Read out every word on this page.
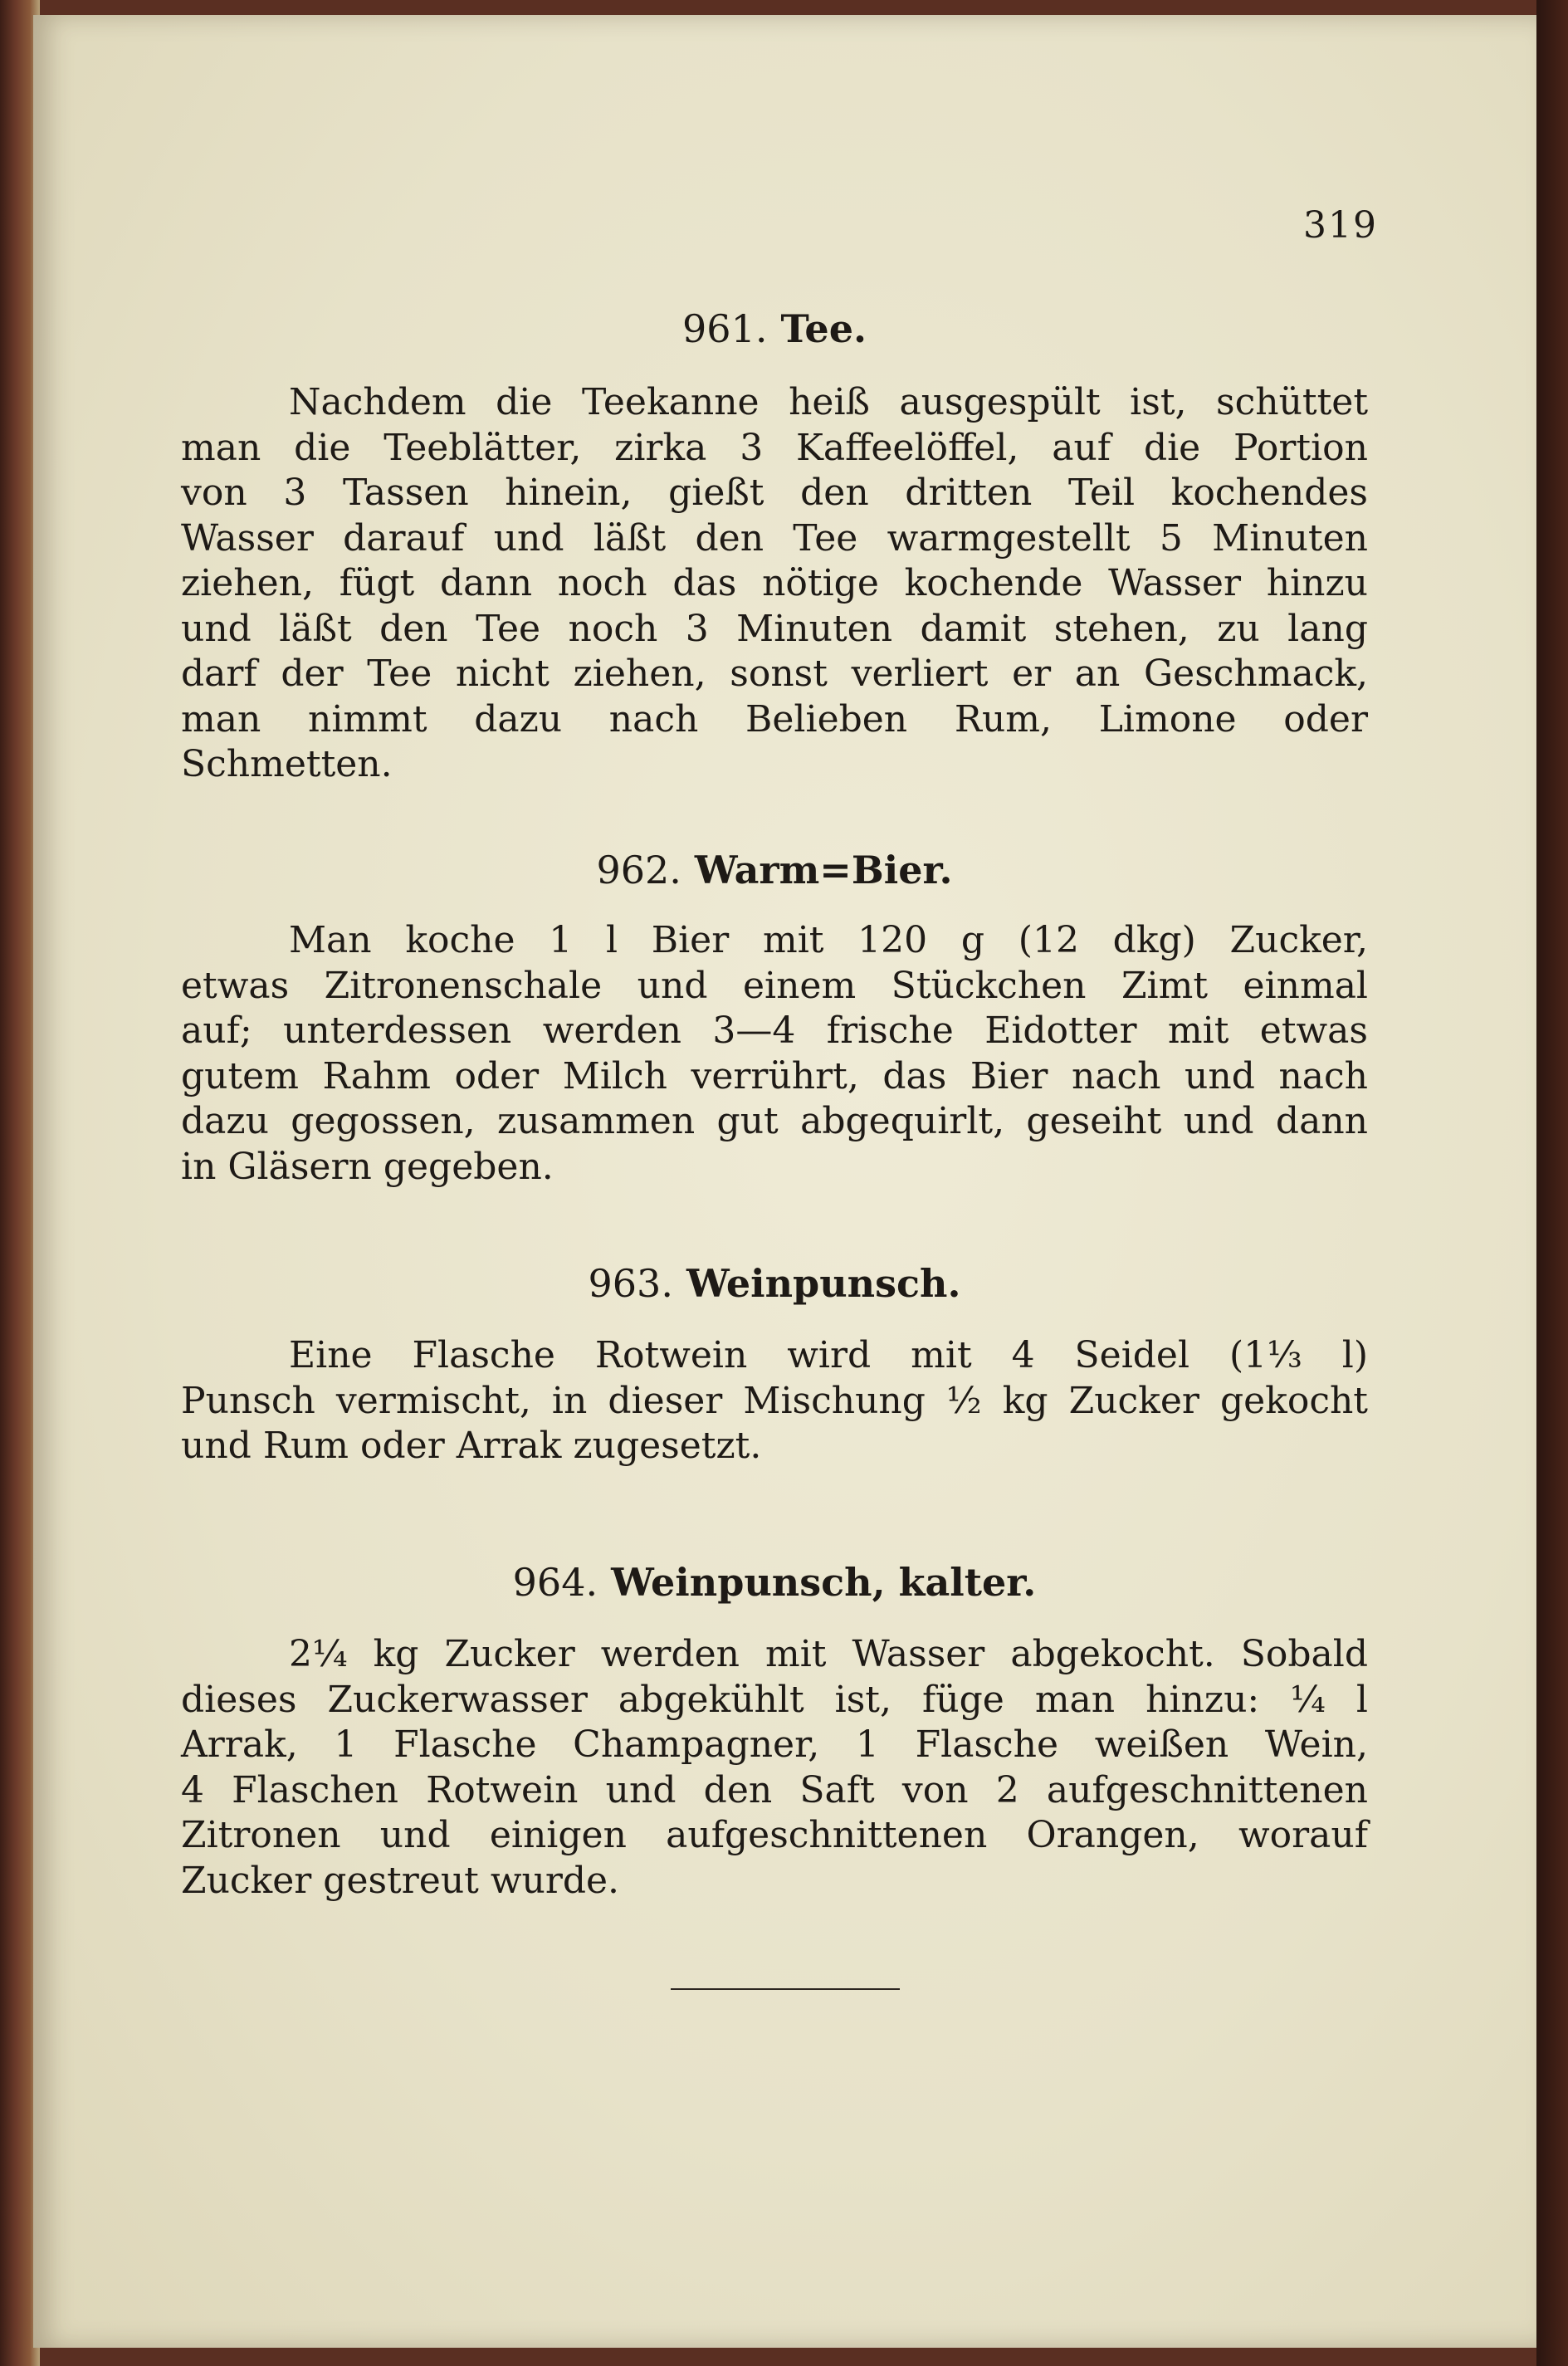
319
961. Tee.

Nachdem die Teekanne heiß ausgespült ist, schüttet
man die Teeblätter, zirka 3 Kaffeelöffel, auf die Portion
von 3 Tassen hinein, gießt den dritten Teil kochendes
Wasser darauf und läßt den Tee warmgestellt 5 Minuten
ziehen, fügt dann noch das nötige kochende Wasser hinzu
und läßt den Tee noch 3 Minuten damit stehen, zu lang
darf der Tee nicht ziehen, sonst verliert er an Geschmack,
man nimmt dazu nach Belieben Rum, Limone oder
Schmetten.

962. Warm=Bier.

Man koche 1 l Bier mit 120 g (12 dkg) Zucker,
etwas Zitronenschale und einem Stückchen Zimt einmal
auf; unterdessen werden 3—4 frische Eidotter mit etwas
gutem Rahm oder Milch verrührt, das Bier nach und nach
dazu gegossen, zusammen gut abgequirlt, geseiht und dann
in Gläsern gegeben.

963. Weinpunsch.

Eine Flasche Rotwein wird mit 4 Seidel (1⅓ l)
Punsch vermischt, in dieser Mischung ½ kg Zucker gekocht
und Rum oder Arrak zugesetzt.

964. Weinpunsch, kalter.

2¼ kg Zucker werden mit Wasser abgekocht. Sobald
dieses Zuckerwasser abgekühlt ist, füge man hinzu: ¼ l
Arrak, 1 Flasche Champagner, 1 Flasche weißen Wein,
4 Flaschen Rotwein und den Saft von 2 aufgeschnittenen
Zitronen und einigen aufgeschnittenen Orangen, worauf
Zucker gestreut wurde.
